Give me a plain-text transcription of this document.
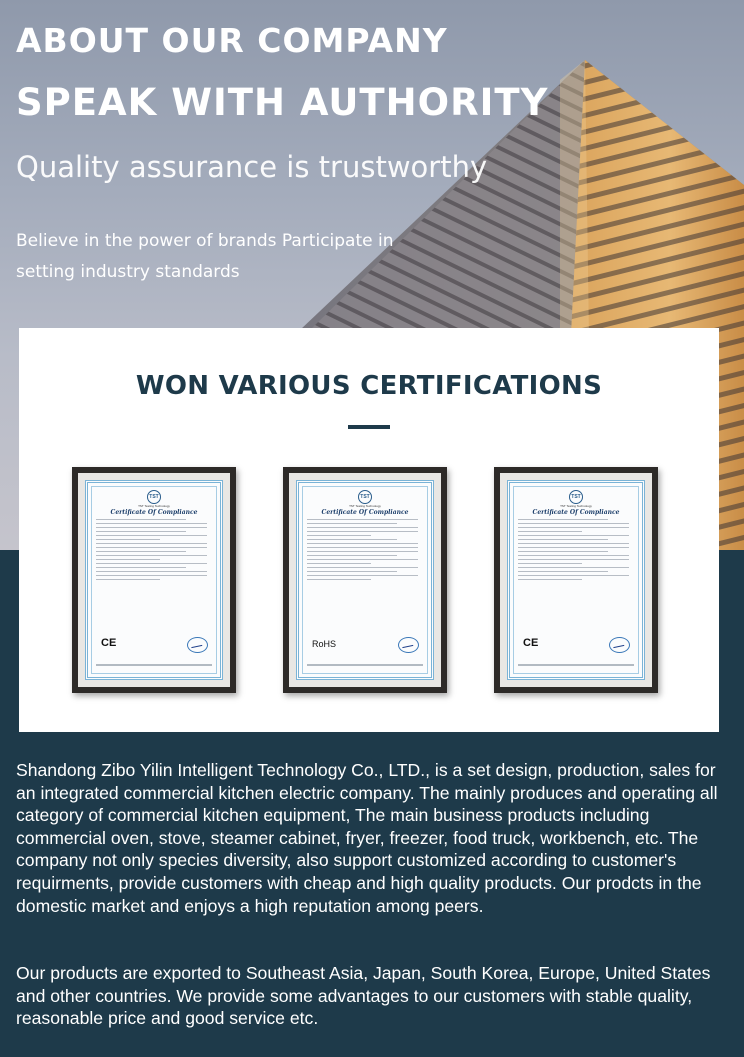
ABOUT OUR COMPANY
SPEAK WITH AUTHORITY

Quality assurance is trustworthy

Believe in the power of brands Participate in setting industry standards

WON VARIOUS CERTIFICATIONS
TST
TST Testing Technology
Certificate Of Compliance
CE
TST
TST Testing Technology
Certificate Of Compliance
RoHS
TST
TST Testing Technology
Certificate Of Compliance
CE

Shandong Zibo Yilin Intelligent Technology Co., LTD., is a set design, production, sales for an integrated commercial kitchen electric company. The mainly produces and operating all category of commercial kitchen equipment, The main business products including commercial oven, stove, steamer cabinet, fryer, freezer, food truck, workbench, etc. The company not only species diversity, also support customized according to customer's requirments, provide customers with cheap and high quality products. Our prodcts in the domestic market and enjoys a high reputation among peers.

Our products are exported to Southeast Asia, Japan, South Korea, Europe, United States and other countries. We provide some advantages to our customers with stable quality, reasonable price and good service etc.
